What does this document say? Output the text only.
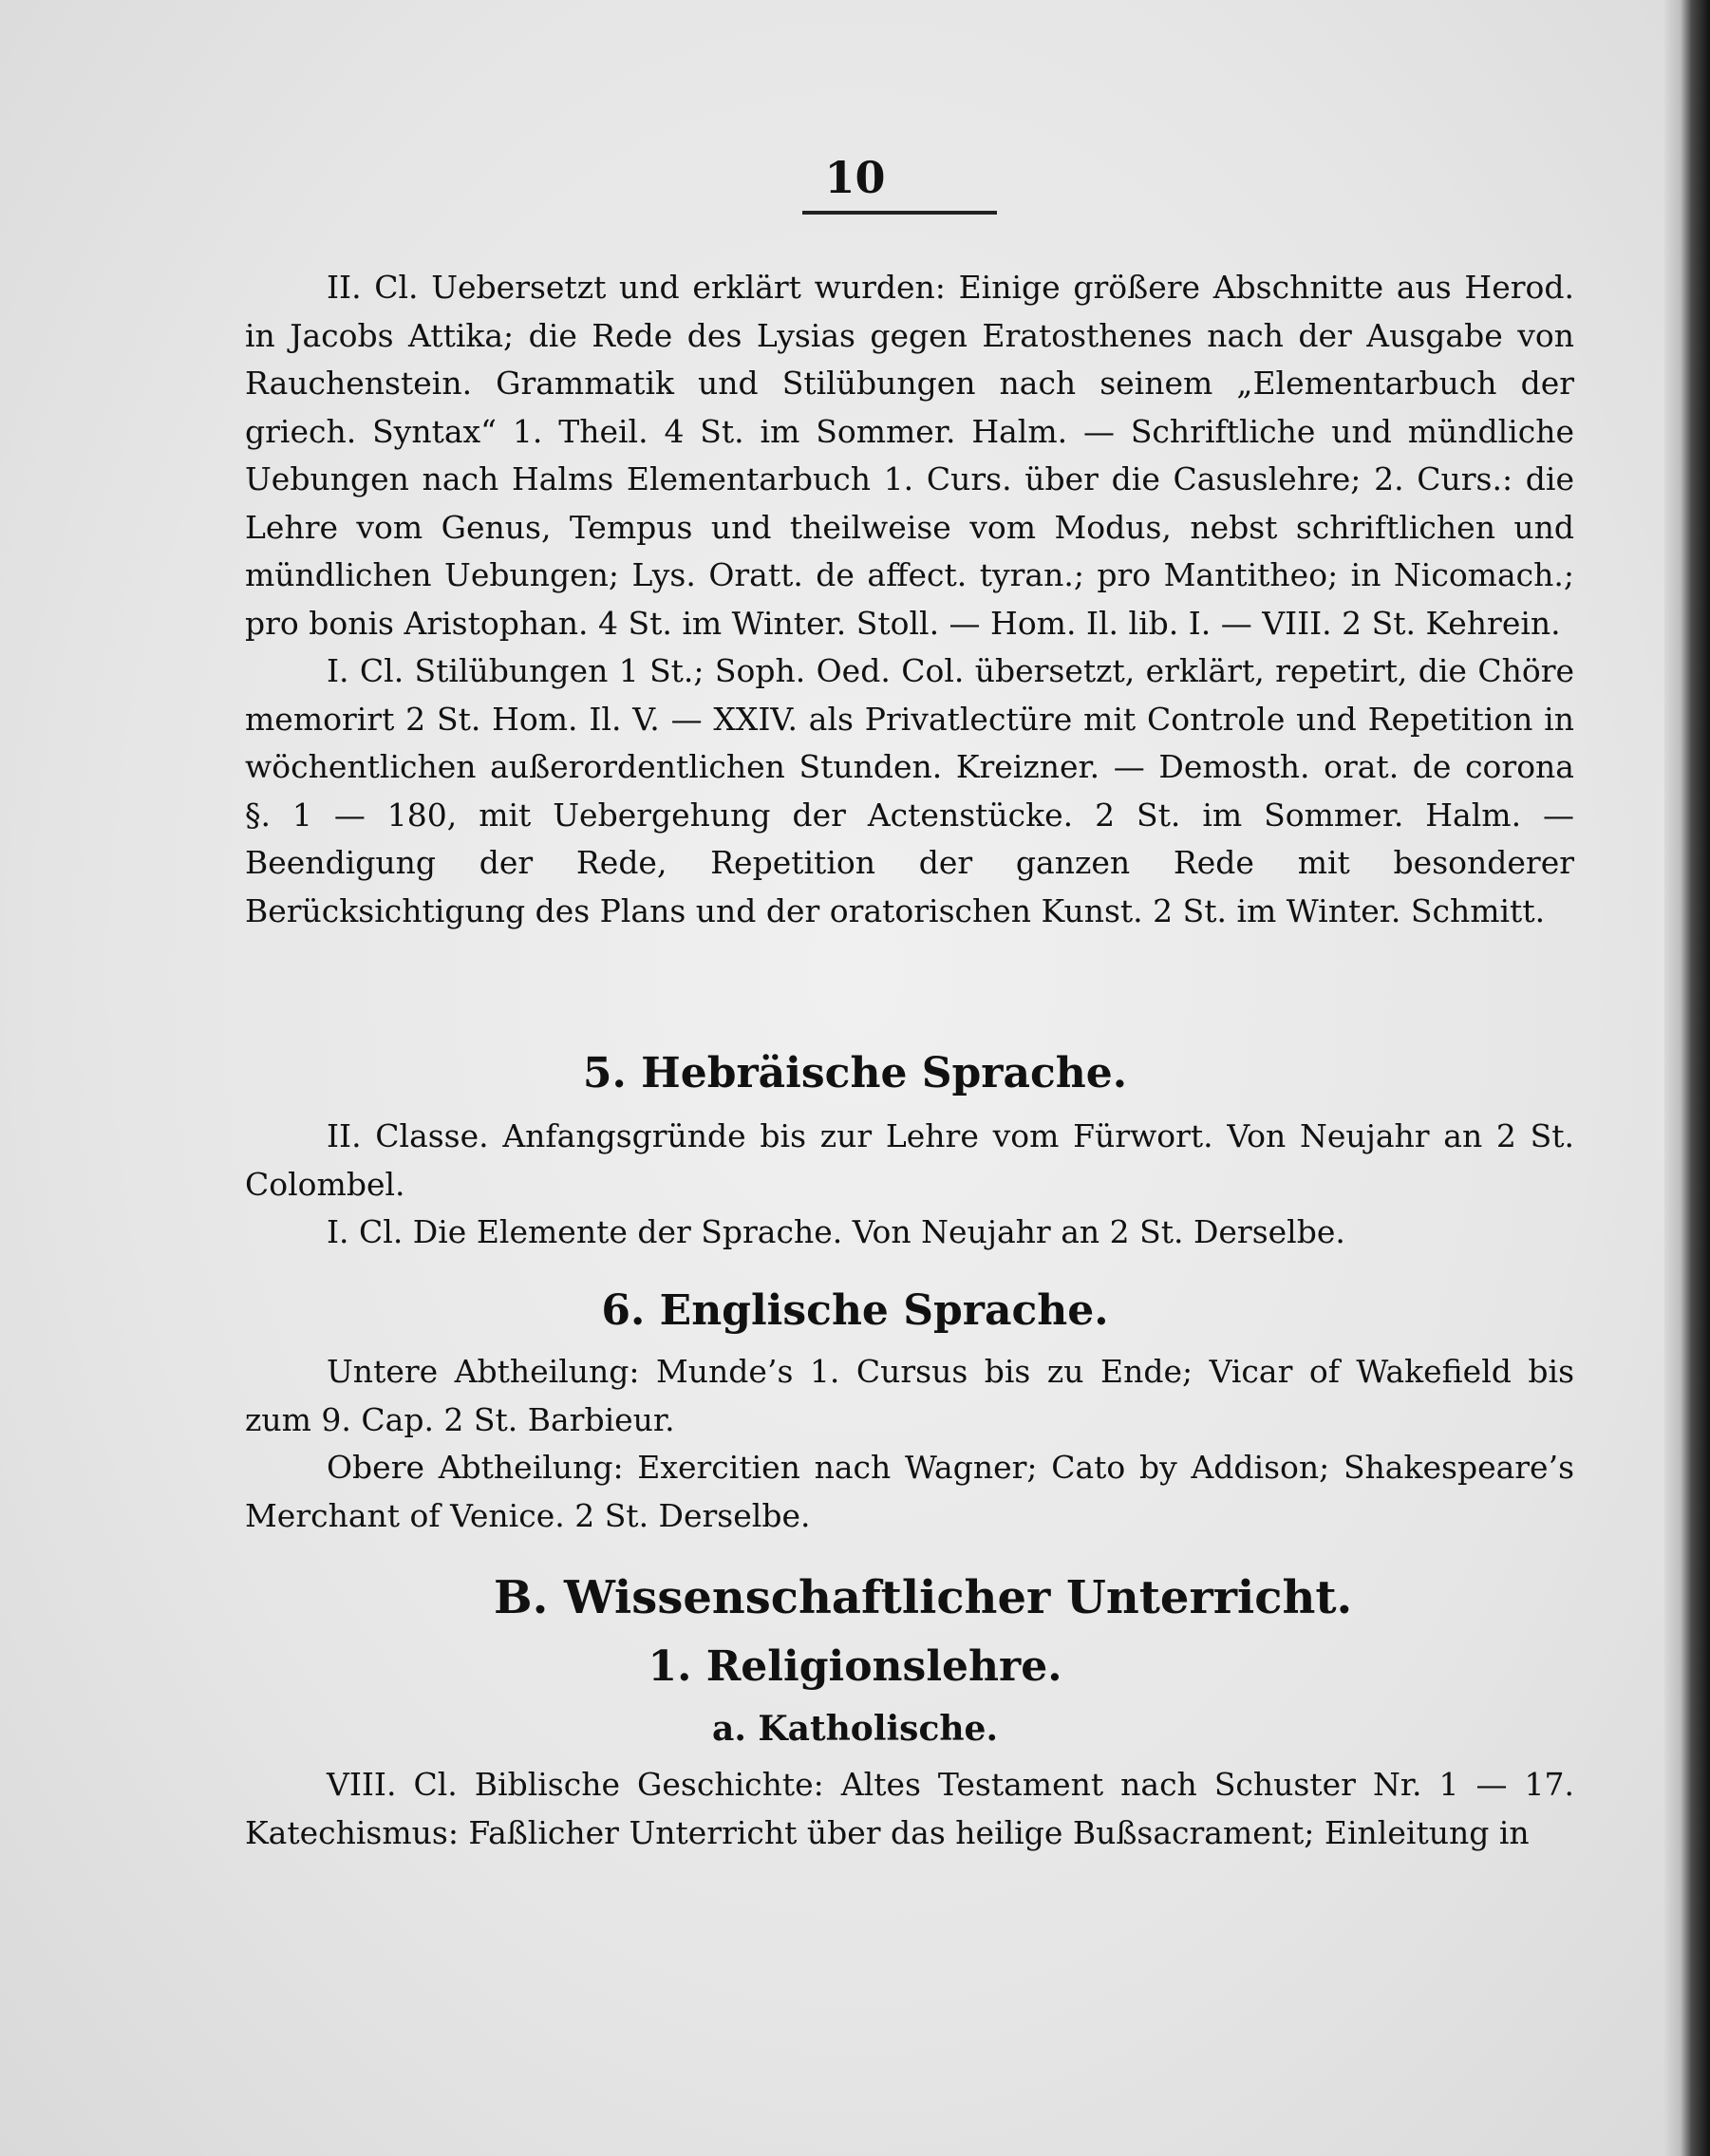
10

II. Cl. Uebersetzt und erklärt wurden: Einige größere Abschnitte aus Herod. in Jacobs Attika; die Rede des Lysias gegen Eratosthenes nach der Ausgabe von Rauchenstein. Grammatik und Stilübungen nach seinem „Elementarbuch der griech. Syntax“ 1. Theil. 4 St. im Sommer. Halm. — Schriftliche und mündliche Uebungen nach Halms Elementarbuch 1. Curs. über die Casuslehre; 2. Curs.: die Lehre vom Genus, Tempus und theilweise vom Modus, nebst schriftlichen und mündlichen Uebungen; Lys. Oratt. de affect. tyran.; pro Mantitheo; in Nicomach.; pro bonis Aristophan. 4 St. im Winter. Stoll. — Hom. Il. lib. I. — VIII. 2 St. Kehrein.

I. Cl. Stilübungen 1 St.; Soph. Oed. Col. übersetzt, erklärt, repetirt, die Chöre memorirt 2 St. Hom. Il. V. — XXIV. als Privatlectüre mit Controle und Repetition in wöchentlichen außerordentlichen Stunden. Kreizner. — Demosth. orat. de corona §. 1 — 180, mit Uebergehung der Actenstücke. 2 St. im Sommer. Halm. — Beendigung der Rede, Repetition der ganzen Rede mit besonderer Berücksichtigung des Plans und der oratorischen Kunst. 2 St. im Winter. Schmitt.

5. Hebräische Sprache.

II. Classe. Anfangsgründe bis zur Lehre vom Fürwort. Von Neujahr an 2 St. Colombel.

I. Cl. Die Elemente der Sprache. Von Neujahr an 2 St. Derselbe.

6. Englische Sprache.

Untere Abtheilung: Munde’s 1. Cursus bis zu Ende; Vicar of Wakefield bis zum 9. Cap. 2 St. Barbieur.

Obere Abtheilung: Exercitien nach Wagner; Cato by Addison; Shakespeare’s Merchant of Venice. 2 St. Derselbe.

B. Wissenschaftlicher Unterricht.
1. Religionslehre.
a. Katholische.

VIII. Cl. Biblische Geschichte: Altes Testament nach Schuster Nr. 1 — 17. Katechismus: Faßlicher Unterricht über das heilige Bußsacrament; Einleitung in
